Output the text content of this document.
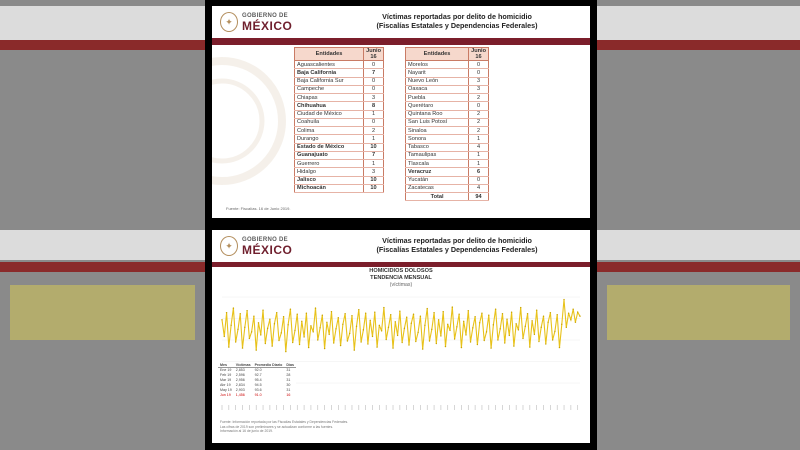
✦
GOBIERNO DE
MÉXICO
Víctimas reportadas por delito de homicidio
(Fiscalías Estatales y Dependencias Federales)
Entidades	Junio 16
Aguascalientes	0
Baja California	7
Baja California Sur	0
Campeche	0
Chiapas	3
Chihuahua	8
Ciudad de México	1
Coahuila	0
Colima	2
Durango	1
Estado de México	10
Guanajuato	7
Guerrero	1
Hidalgo	3
Jalisco	10
Michoacán	10
Entidades	Junio 16
Morelos	0
Nayarit	0
Nuevo León	3
Oaxaca	3
Puebla	2
Querétaro	0
Quintana Roo	2
San Luis Potosí	2
Sinaloa	2
Sonora	1
Tabasco	4
Tamaulipas	1
Tlaxcala	1
Veracruz	6
Yucatán	0
Zacatecas	4
Total	94
Fuente: Fiscalías. 16 de Junio 2019.
✦
GOBIERNO DE
MÉXICO
Víctimas reportadas por delito de homicidio
(Fiscalías Estatales y Dependencias Federales)
HOMICIDIOS DOLOSOS
TENDENCIA MENSUAL
(víctimas)
Mes	Víctimas	Promedio Diario	Días
Ene 19	2,853	92.0	31
Feb 19	2,596	92.7	28
Mar 19	2,956	95.4	31
Abr 19	2,834	94.5	30
May 19	2,903	93.6	31
Jun 19	1,456	91.0	16
Fuente: Información reportada por las Fiscalías Estatales y Dependencias Federales.
Las cifras de 2019 son preliminares y se actualizan conforme a las fuentes.
Información al 16 de junio de 2019.
